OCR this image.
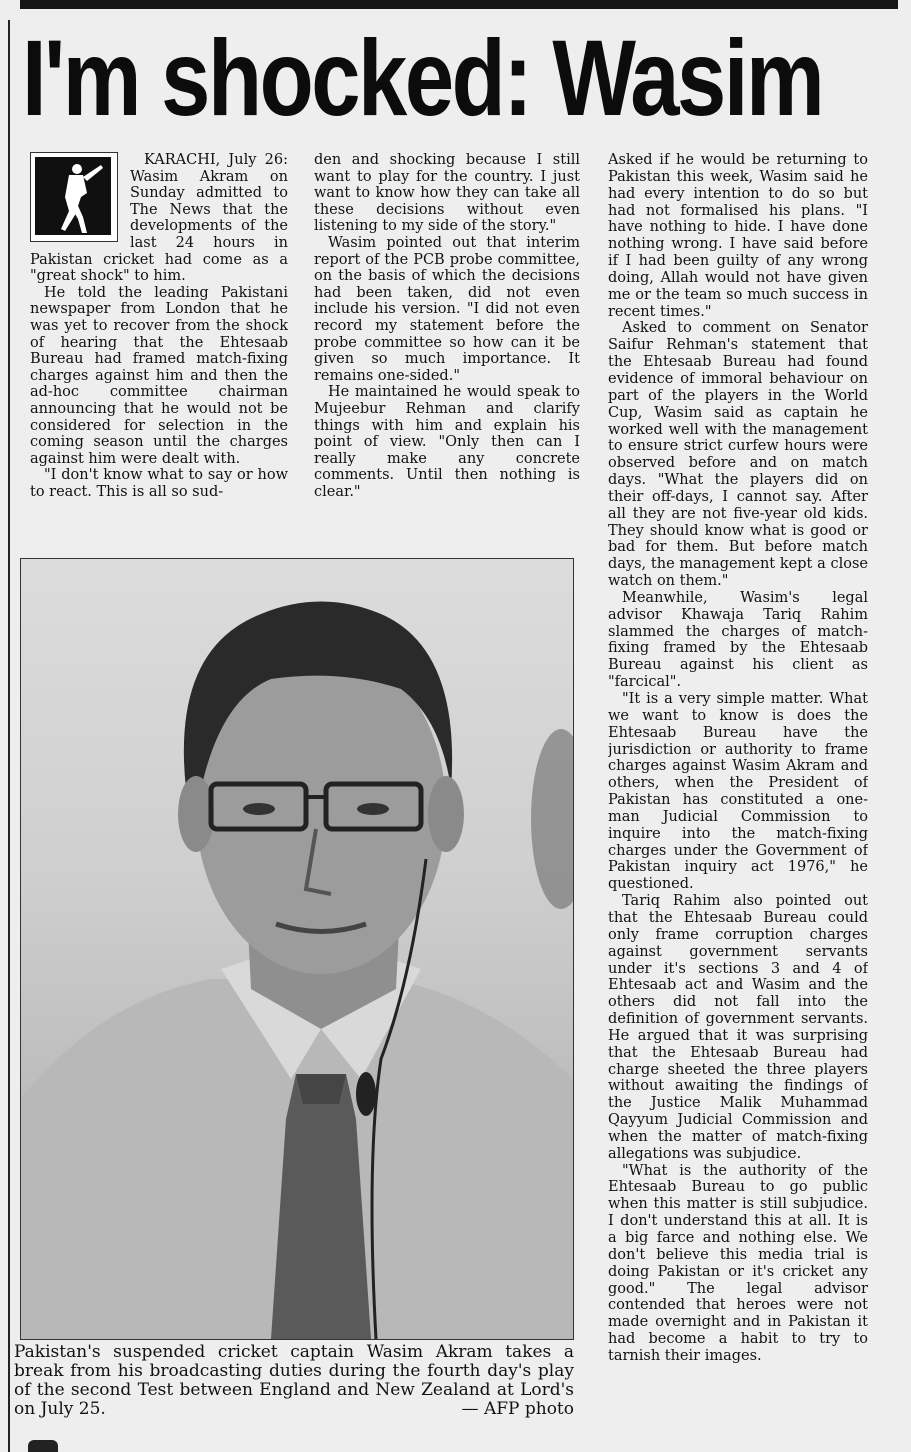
I'm shocked: Wasim

KARACHI, July 26: Wasim Akram on Sunday admitted to The News that the developments of the last 24 hours in Pakistan cricket had come as a "great shock" to him.

He told the leading Pakistani newspaper from London that he was yet to recover from the shock of hearing that the Ehtesaab Bureau had framed match-fixing charges against him and then the ad-hoc committee chairman announcing that he would not be considered for selection in the coming season until the charges against him were dealt with.

"I don't know what to say or how to react. This is all so sud-

den and shocking because I still want to play for the country. I just want to know how they can take all these decisions without even listening to my side of the story."

Wasim pointed out that interim report of the PCB probe committee, on the basis of which the decisions had been taken, did not even include his version. "I did not even record my statement before the probe committee so how can it be given so much importance. It remains one-sided."

He maintained he would speak to Mujeebur Rehman and clarify things with him and explain his point of view. "Only then can I really make any concrete comments. Until then nothing is clear."

Asked if he would be returning to Pakistan this week, Wasim said he had every intention to do so but had not formalised his plans. "I have nothing to hide. I have done nothing wrong. I have said before if I had been guilty of any wrong doing, Allah would not have given me or the team so much success in recent times."

Asked to comment on Senator Saifur Rehman's statement that the Ehtesaab Bureau had found evidence of immoral behaviour on part of the players in the World Cup, Wasim said as captain he worked well with the management to ensure strict curfew hours were observed before and on match days. "What the players did on their off-days, I cannot say. After all they are not five-year old kids. They should know what is good or bad for them. But before match days, the management kept a close watch on them."

Meanwhile, Wasim's legal advisor Khawaja Tariq Rahim slammed the charges of match-fixing framed by the Ehtesaab Bureau against his client as "farcical".

"It is a very simple matter. What we want to know is does the Ehtesaab Bureau have the jurisdiction or authority to frame charges against Wasim Akram and others, when the President of Pakistan has constituted a one-man Judicial Commission to inquire into the match-fixing charges under the Government of Pakistan inquiry act 1976," he questioned.

Tariq Rahim also pointed out that the Ehtesaab Bureau could only frame corruption charges against government servants under it's sections 3 and 4 of Ehtesaab act and Wasim and the others did not fall into the definition of government servants. He argued that it was surprising that the Ehtesaab Bureau had charge sheeted the three players without awaiting the findings of the Justice Malik Muhammad Qayyum Judicial Commission and when the matter of match-fixing allegations was subjudice.

"What is the authority of the Ehtesaab Bureau to go public when this matter is still subjudice. I don't understand this at all. It is a big farce and nothing else. We don't believe this media trial is doing Pakistan or it's cricket any good." The legal advisor contended that heroes were not made overnight and in Pakistan it had become a habit to try to tarnish their images.

Pakistan's suspended cricket captain Wasim Akram takes a break from his broadcasting duties during the fourth day's play of the second Test between England and New Zealand at Lord's on July 25.	— AFP photo
